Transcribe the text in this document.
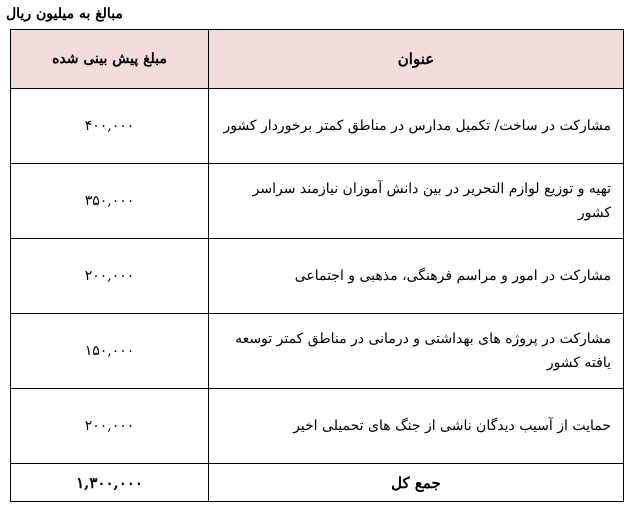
مبالغ به میلیون ریال
مبلغ پیش بینی شده	عنوان
۴۰۰,۰۰۰	مشارکت در ساخت/ تکمیل مدارس در مناطق کمتر برخوردار کشور
۳۵۰,۰۰۰	تهیه و توزیع لوازم التحریر در بین دانش آموزان نیازمند سراسر کشور
۲۰۰,۰۰۰	مشارکت در امور و مراسم فرهنگی، مذهبی و اجتماعی
۱۵۰,۰۰۰	مشارکت در پروژه های بهداشتی و درمانی در مناطق کمتر توسعه یافته کشور
۲۰۰,۰۰۰	حمایت از آسیب دیدگان ناشی از جنگ های تحمیلی اخیر
۱,۳۰۰,۰۰۰	جمع کل
